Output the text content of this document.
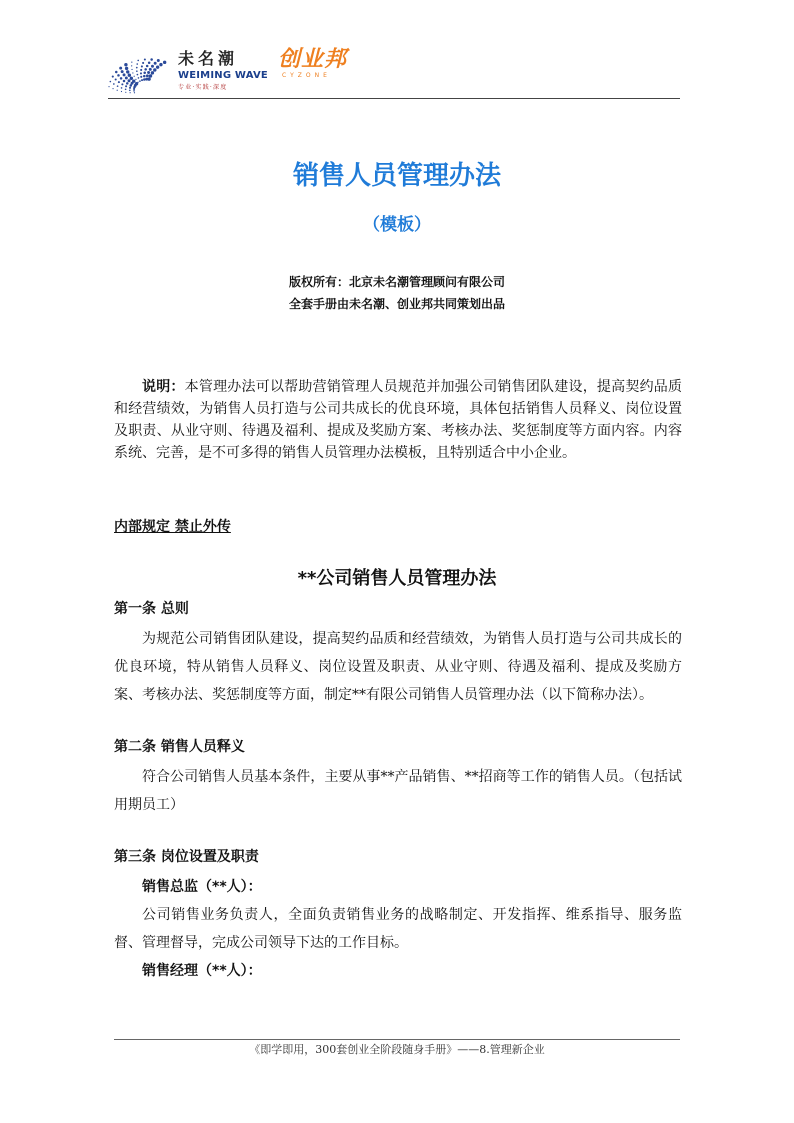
未名潮
WEIMING WAVE
专业·实践·深度
创业邦
CYZONE
销售人员管理办法
（模板）
版权所有：北京未名潮管理顾问有限公司
全套手册由未名潮、创业邦共同策划出品

说明：本管理办法可以帮助营销管理人员规范并加强公司销售团队建设，提高契约品质和经营绩效，为销售人员打造与公司共成长的优良环境，具体包括销售人员释义、岗位设置及职责、从业守则、待遇及福利、提成及奖励方案、考核办法、奖惩制度等方面内容。内容系统、完善，是不可多得的销售人员管理办法模板，且特别适合中小企业。

内部规定 禁止外传
**公司销售人员管理办法
第一条 总则

为规范公司销售团队建设，提高契约品质和经营绩效，为销售人员打造与公司共成长的优良环境，特从销售人员释义、岗位设置及职责、从业守则、待遇及福利、提成及奖励方案、考核办法、奖惩制度等方面，制定**有限公司销售人员管理办法（以下简称办法）。

第二条 销售人员释义

符合公司销售人员基本条件，主要从事**产品销售、**招商等工作的销售人员。（包括试用期员工）

第三条 岗位设置及职责
销售总监（**人）：

公司销售业务负责人，全面负责销售业务的战略制定、开发指挥、维系指导、服务监督、管理督导，完成公司领导下达的工作目标。

销售经理（**人）：
《即学即用，300套创业全阶段随身手册》——8.管理新企业
